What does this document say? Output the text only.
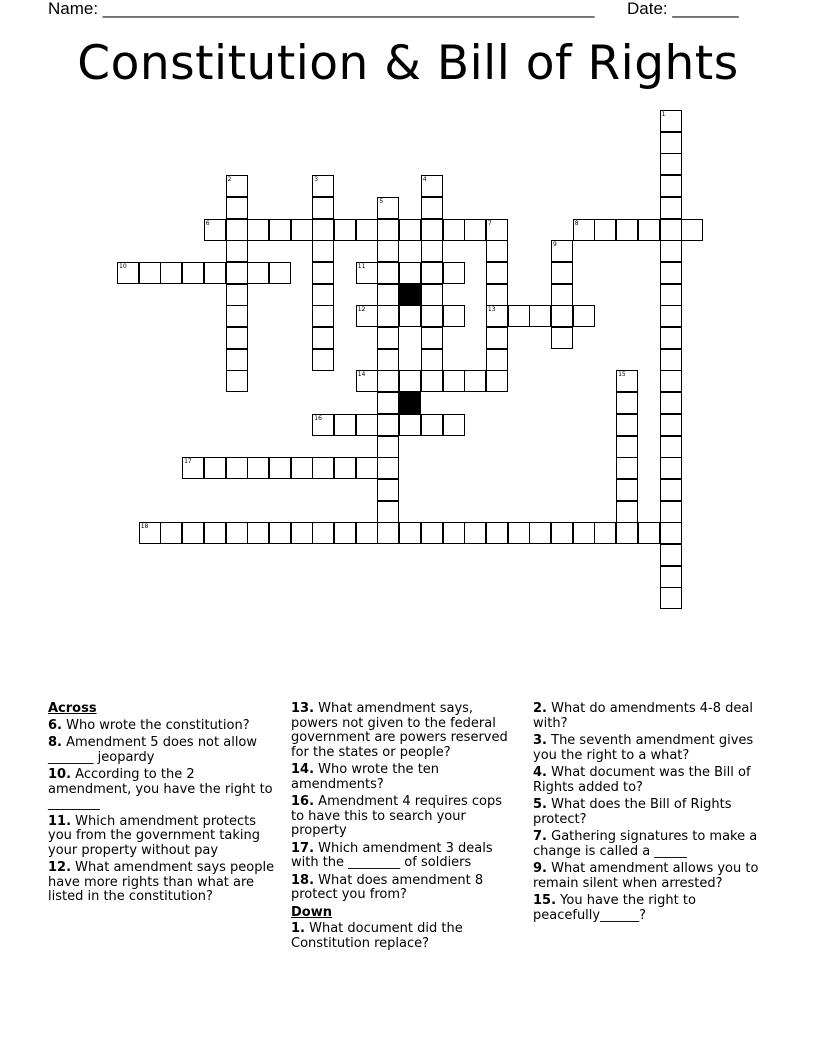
Name: ____________________________________________________ Date: _______
Constitution & Bill of Rights
1
2	3	4
5
6	7	8
9
10	11
12	13
14	15
16
17
18
Across
6. Who wrote the constitution?
8. Amendment 5 does not allow _______ jeopardy
10. According to the 2 amendment, you have the right to ________
11. Which amendment protects you from the government taking your property without pay
12. What amendment says people have more rights than what are listed in the constitution?
13. What amendment says, powers not given to the federal government are powers reserved for the states or people?
14. Who wrote the ten amendments?
16. Amendment 4 requires cops to have this to search your property
17. Which amendment 3 deals with the ________ of soldiers
18. What does amendment 8 protect you from?
Down
1. What document did the Constitution replace?
2. What do amendments 4-8 deal with?
3. The seventh amendment gives you the right to a what?
4. What document was the Bill of Rights added to?
5. What does the Bill of Rights protect?
7. Gathering signatures to make a change is called a _____
9. What amendment allows you to remain silent when arrested?
15. You have the right to peacefully______?
